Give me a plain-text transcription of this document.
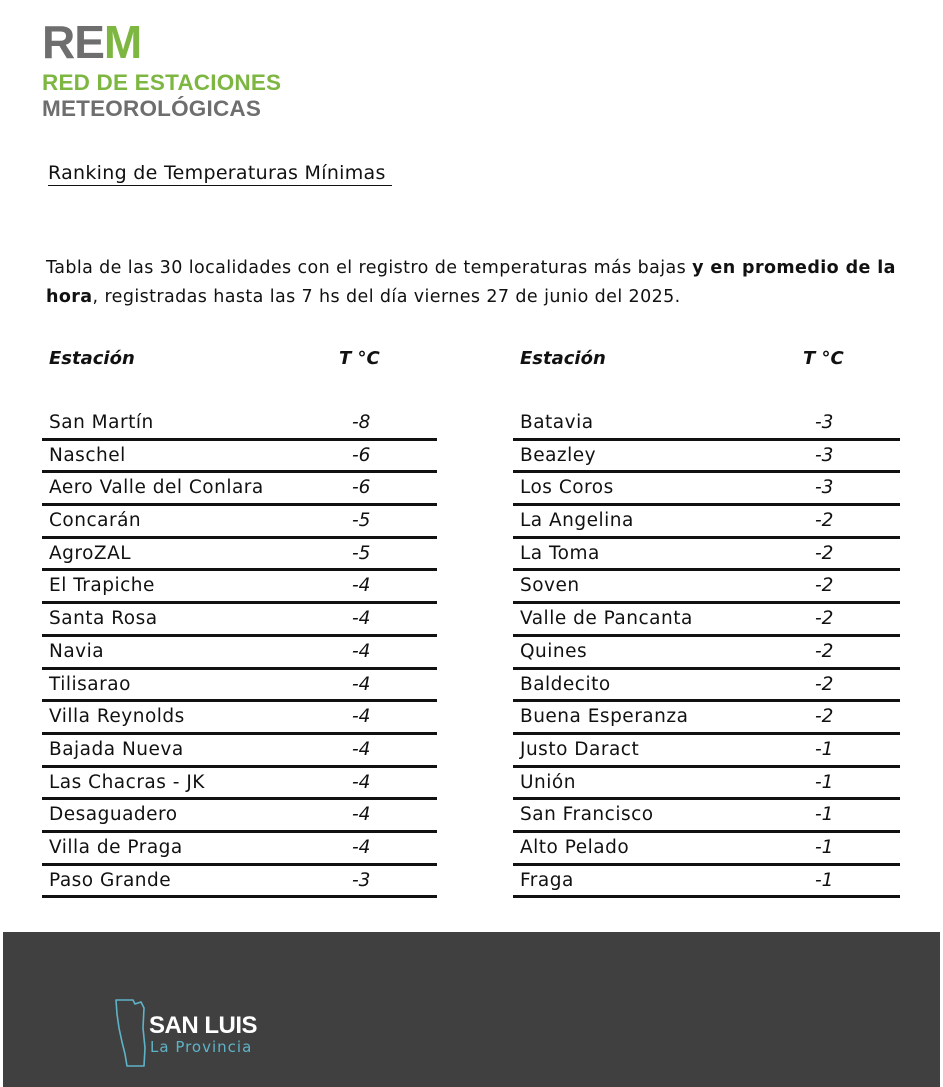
REM
RED DE ESTACIONES
METEOROLÓGICAS
Ranking de Temperaturas Mínimas
Tabla de las 30 localidades con el registro de temperaturas más bajas y en promedio de la hora, registradas hasta las 7 hs del día viernes 27 de junio del 2025.
Estación	T °C
San Martín	-8
Naschel	-6
Aero Valle del Conlara	-6
Concarán	-5
AgroZAL	-5
El Trapiche	-4
Santa Rosa	-4
Navia	-4
Tilisarao	-4
Villa Reynolds	-4
Bajada Nueva	-4
Las Chacras - JK	-4
Desaguadero	-4
Villa de Praga	-4
Paso Grande	-3
Estación	T °C
Batavia	-3
Beazley	-3
Los Coros	-3
La Angelina	-2
La Toma	-2
Soven	-2
Valle de Pancanta	-2
Quines	-2
Baldecito	-2
Buena Esperanza	-2
Justo Daract	-1
Unión	-1
San Francisco	-1
Alto Pelado	-1
Fraga	-1
SAN LUIS
La Provincia
